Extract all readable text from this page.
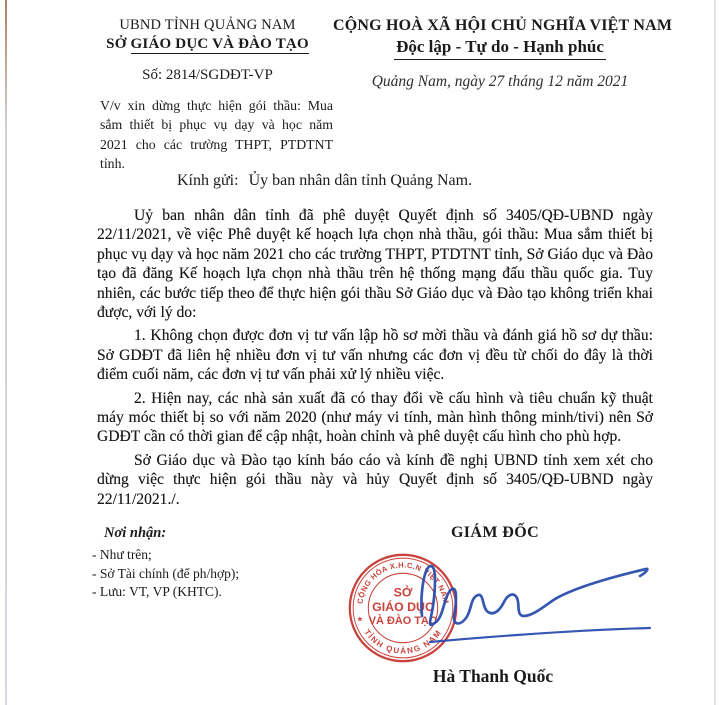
UBND TỈNH QUẢNG NAM
SỞ GIÁO DỤC VÀ ĐÀO TẠO
Số: 2814/SGDĐT-VP
V/v xin dừng thực hiện gói thầu: Mua sắm thiết bị phục vụ dạy và học năm 2021 cho các trường THPT, PTDTNT tỉnh.
CỘNG HOÀ XÃ HỘI CHỦ NGHĨA VIỆT NAM
Độc lập - Tự do - Hạnh phúc
Quảng Nam, ngày 27 tháng 12 năm 2021
Kính gửi: Ủy ban nhân dân tỉnh Quảng Nam.

Uỷ ban nhân dân tỉnh đã phê duyệt Quyết định số 3405/QĐ-UBND ngày 22/11/2021, về việc Phê duyệt kế hoạch lựa chọn nhà thầu, gói thầu: Mua sắm thiết bị phục vụ dạy và học năm 2021 cho các trường THPT, PTDTNT tỉnh, Sở Giáo dục và Đào tạo đã đăng Kế hoạch lựa chọn nhà thầu trên hệ thống mạng đấu thầu quốc gia. Tuy nhiên, các bước tiếp theo để thực hiện gói thầu Sở Giáo dục và Đào tạo không triển khai được, với lý do:

1. Không chọn được đơn vị tư vấn lập hồ sơ mời thầu và đánh giá hồ sơ dự thầu: Sở GDĐT đã liên hệ nhiều đơn vị tư vấn nhưng các đơn vị đều từ chối do đây là thời điểm cuối năm, các đơn vị tư vấn phải xử lý nhiều việc.

2. Hiện nay, các nhà sản xuất đã có thay đổi về cấu hình và tiêu chuẩn kỹ thuật máy móc thiết bị so với năm 2020 (như máy vi tính, màn hình thông minh/tivi) nên Sở GDĐT cần có thời gian để cập nhật, hoàn chỉnh và phê duyệt cấu hình cho phù hợp.

Sở Giáo dục và Đào tạo kính báo cáo và kính đề nghị UBND tỉnh xem xét cho dừng việc thực hiện gói thầu này và hủy Quyết định số 3405/QĐ-UBND ngày 22/11/2021./.

Nơi nhận:
- Như trên;
- Sở Tài chính (để ph/hợp);
- Lưu: VT, VP (KHTC).
GIÁM ĐỐC
CỘNG HÒA X.H.C.N VIỆT NAM
TỈNH QUẢNG NAM
★
SỞ
GIÁO DỤC
VÀ ĐÀO TẠO
Hà Thanh Quốc
